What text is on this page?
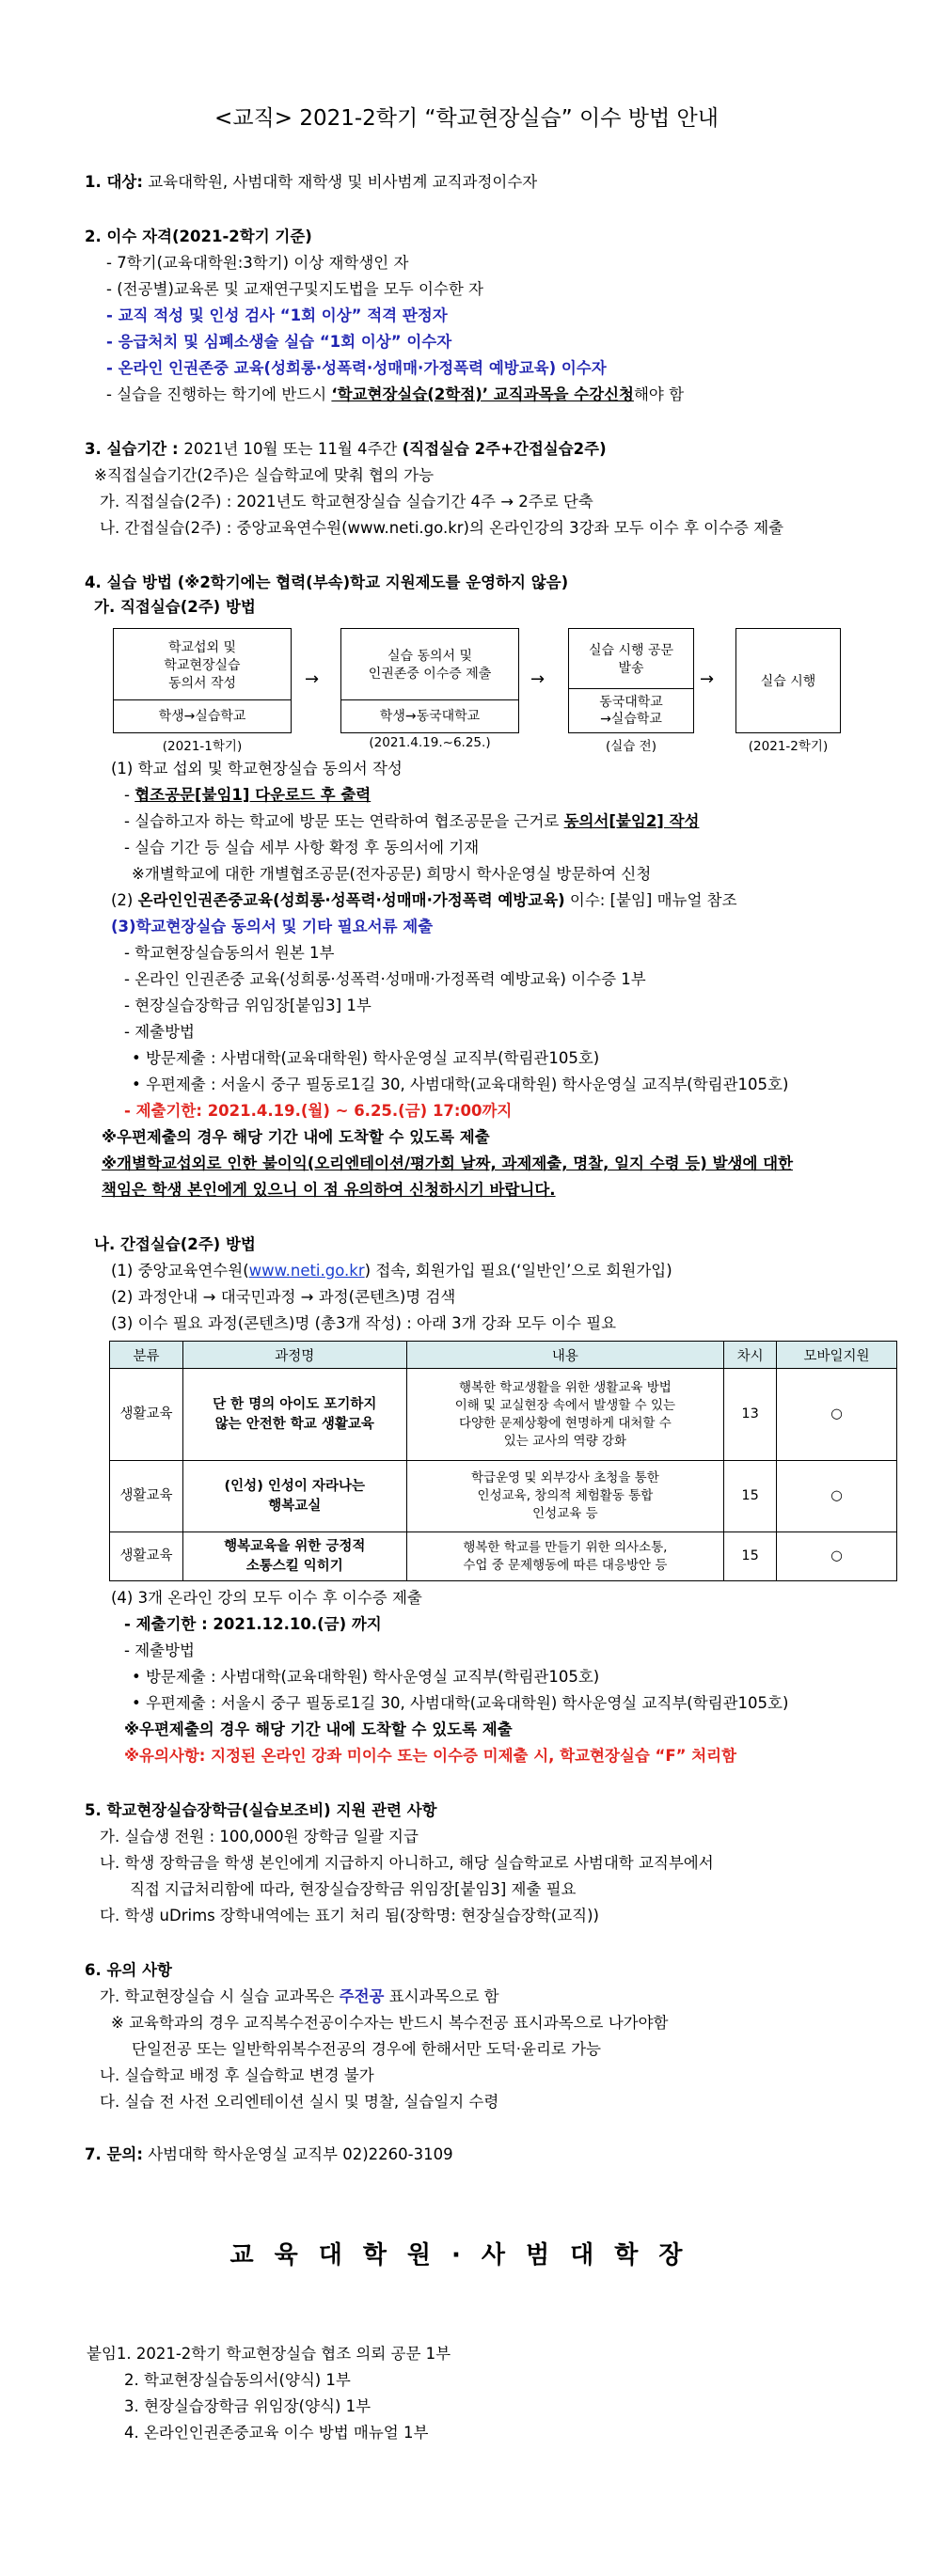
<교직> 2021-2학기 “학교현장실습” 이수 방법 안내
1. 대상: 교육대학원, 사범대학 재학생 및 비사범계 교직과정이수자
2. 이수 자격(2021-2학기 기준)
- 7학기(교육대학원:3학기) 이상 재학생인 자
- (전공별)교육론 및 교재연구및지도법을 모두 이수한 자
- 교직 적성 및 인성 검사 “1회 이상” 적격 판정자
- 응급처치 및 심폐소생술 실습 “1회 이상” 이수자
- 온라인 인권존중 교육(성희롱·성폭력·성매매·가정폭력 예방교육) 이수자
- 실습을 진행하는 학기에 반드시 ‘학교현장실습(2학점)’ 교직과목을 수강신청해야 함
3. 실습기간 : 2021년 10월 또는 11월 4주간 (직접실습 2주+간접실습2주)
※직접실습기간(2주)은 실습학교에 맞춰 협의 가능
가. 직접실습(2주) : 2021년도 학교현장실습 실습기간 4주 → 2주로 단축
나. 간접실습(2주) : 중앙교육연수원(www.neti.go.kr)의 온라인강의 3강좌 모두 이수 후 이수증 제출
4. 실습 방법 (※2학기에는 협력(부속)학교 지원제도를 운영하지 않음)
가. 직접실습(2주) 방법
학교섭외 및
학교현장실습
동의서 작성
학생→실습학교
(2021-1학기)
→
실습 동의서 및
인권존중 이수증 제출
학생→동국대학교
(2021.4.19.~6.25.)
→
실습 시행 공문
발송
동국대학교
→실습학교
(실습 전)
→	실습 시행
(2021-2학기)
(1) 학교 섭외 및 학교현장실습 동의서 작성
- 협조공문[붙임1] 다운로드 후 출력
- 실습하고자 하는 학교에 방문 또는 연락하여 협조공문을 근거로 동의서[붙임2] 작성
- 실습 기간 등 실습 세부 사항 확정 후 동의서에 기재
※개별학교에 대한 개별협조공문(전자공문) 희망시 학사운영실 방문하여 신청
(2) 온라인인권존중교육(성희롱·성폭력·성매매·가정폭력 예방교육) 이수: [붙임] 매뉴얼 참조
(3)학교현장실습 동의서 및 기타 필요서류 제출
- 학교현장실습동의서 원본 1부
- 온라인 인권존중 교육(성희롱·성폭력·성매매·가정폭력 예방교육) 이수증 1부
- 현장실습장학금 위임장[붙임3] 1부
- 제출방법
• 방문제출 : 사범대학(교육대학원) 학사운영실 교직부(학림관105호)
• 우편제출 : 서울시 중구 필동로1길 30, 사범대학(교육대학원) 학사운영실 교직부(학림관105호)
- 제출기한: 2021.4.19.(월) ~ 6.25.(금) 17:00까지
※우편제출의 경우 해당 기간 내에 도착할 수 있도록 제출
※개별학교섭외로 인한 불이익(오리엔테이션/평가회 날짜, 과제제출, 명찰, 일지 수령 등) 발생에 대한
책임은 학생 본인에게 있으니 이 점 유의하여 신청하시기 바랍니다.
나. 간접실습(2주) 방법
(1) 중앙교육연수원(www.neti.go.kr) 접속, 회원가입 필요(‘일반인’으로 회원가입)
(2) 과정안내 → 대국민과정 → 과정(콘텐츠)명 검색
(3) 이수 필요 과정(콘텐츠)명 (총3개 작성) : 아래 3개 강좌 모두 이수 필요
분류	과정명	내용	차시	모바일지원
생활교육	단 한 명의 아이도 포기하지
않는 안전한 학교 생활교육	행복한 학교생활을 위한 생활교육 방법
이해 및 교실현장 속에서 발생할 수 있는
다양한 문제상황에 현명하게 대처할 수
있는 교사의 역량 강화	13	○
생활교육	(인성) 인성이 자라나는
행복교실	학급운영 및 외부강사 초청을 통한
인성교육, 창의적 체험활동 통합
인성교육 등	15	○
생활교육	행복교육을 위한 긍정적
소통스킬 익히기	행복한 학교를 만들기 위한 의사소통,
수업 중 문제행동에 따른 대응방안 등	15	○
(4) 3개 온라인 강의 모두 이수 후 이수증 제출
- 제출기한 : 2021.12.10.(금) 까지
- 제출방법
• 방문제출 : 사범대학(교육대학원) 학사운영실 교직부(학림관105호)
• 우편제출 : 서울시 중구 필동로1길 30, 사범대학(교육대학원) 학사운영실 교직부(학림관105호)
※우편제출의 경우 해당 기간 내에 도착할 수 있도록 제출
※유의사항: 지정된 온라인 강좌 미이수 또는 이수증 미제출 시, 학교현장실습 “F” 처리함
5. 학교현장실습장학금(실습보조비) 지원 관련 사항
가. 실습생 전원 : 100,000원 장학금 일괄 지급
나. 학생 장학금을 학생 본인에게 지급하지 아니하고, 해당 실습학교로 사범대학 교직부에서
직접 지급처리함에 따라, 현장실습장학금 위임장[붙임3] 제출 필요
다. 학생 uDrims 장학내역에는 표기 처리 됨(장학명: 현장실습장학(교직))
6. 유의 사항
가. 학교현장실습 시 실습 교과목은 주전공 표시과목으로 함
※ 교육학과의 경우 교직복수전공이수자는 반드시 복수전공 표시과목으로 나가야함
단일전공 또는 일반학위복수전공의 경우에 한해서만 도덕·윤리로 가능
나. 실습학교 배정 후 실습학교 변경 불가
다. 실습 전 사전 오리엔테이션 실시 및 명찰, 실습일지 수령
7. 문의: 사범대학 학사운영실 교직부 02)2260-3109
교육대학원·사범대학장
붙임1. 2021-2학기 학교현장실습 협조 의뢰 공문 1부
2. 학교현장실습동의서(양식) 1부
3. 현장실습장학금 위임장(양식) 1부
4. 온라인인권존중교육 이수 방법 매뉴얼 1부
